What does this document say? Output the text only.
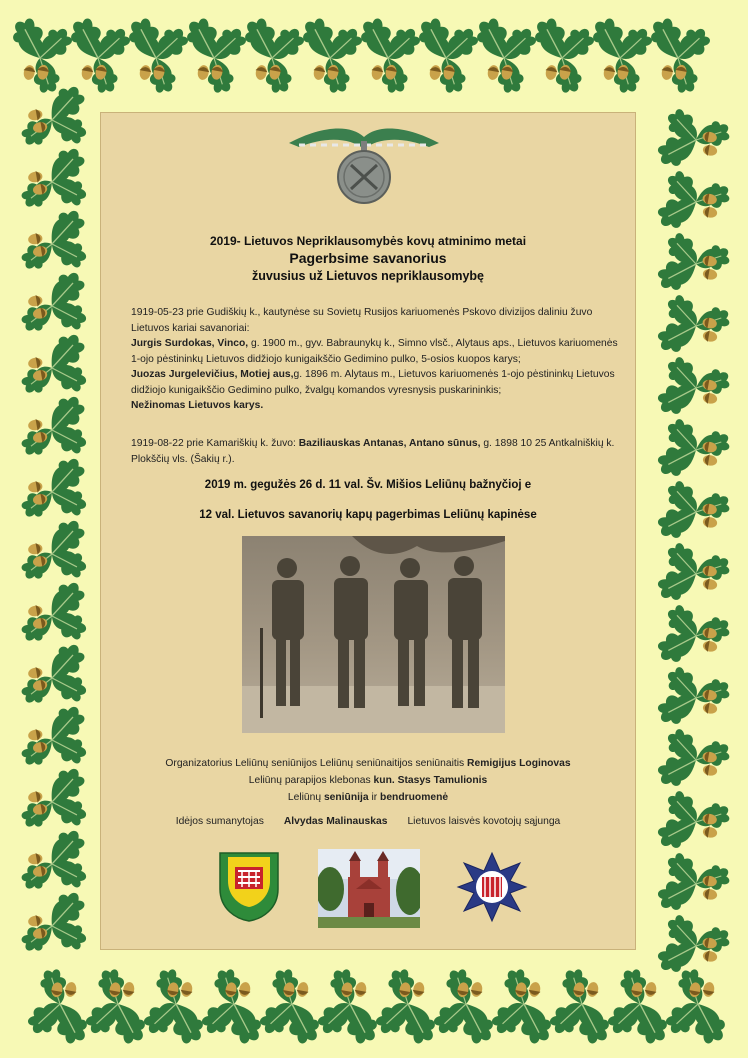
2019- Lietuvos Nepriklausomybės kovų atminimo metai
Pagerbsime savanorius
žuvusius už Lietuvos nepriklausomybę

1919-05-23 prie Gudiškių k., kautynėse su Sovietų Rusijos kariuomenės Pskovo divizijos daliniu žuvo Lietuvos kariai savanoriai:

Jurgis Surdokas, Vinco, g. 1900 m., gyv. Babraunykų k., Simno vlsč., Alytaus aps., Lietuvos kariuomenės 1-ojo pėstininkų Lietuvos didžiojo kunigaikščio Gedimino pulko, 5-osios kuopos karys;

Juozas Jurgelevičius, Motiej aus,g. 1896 m. Alytaus m., Lietuvos kariuomenės 1-ojo pėstininkų Lietuvos didžiojo kunigaikščio Gedimino pulko, žvalgų komandos vyresnysis puskarininkis;

Nežinomas Lietuvos karys.

1919-08-22 prie Kamariškių k. žuvo: Baziliauskas Antanas, Antano sūnus, g. 1898 10 25 Antkalniškių k. Plokščių vls. (Šakių r.).
2019 m. gegužės 26 d. 11 val. Šv. Mišios Leliūnų bažnyčioj e
12 val. Lietuvos savanorių kapų pagerbimas Leliūnų kapinėse
Organizatorius Leliūnų seniūnijos Leliūnų seniūnaitijos seniūnaitis Remigijus Loginovas
Leliūnų parapijos klebonas kun. Stasys Tamulionis
Leliūnų seniūnija ir bendruomenė
Idėjos sumanytojas Alvydas Malinauskas Lietuvos laisvės kovotojų sąjunga
